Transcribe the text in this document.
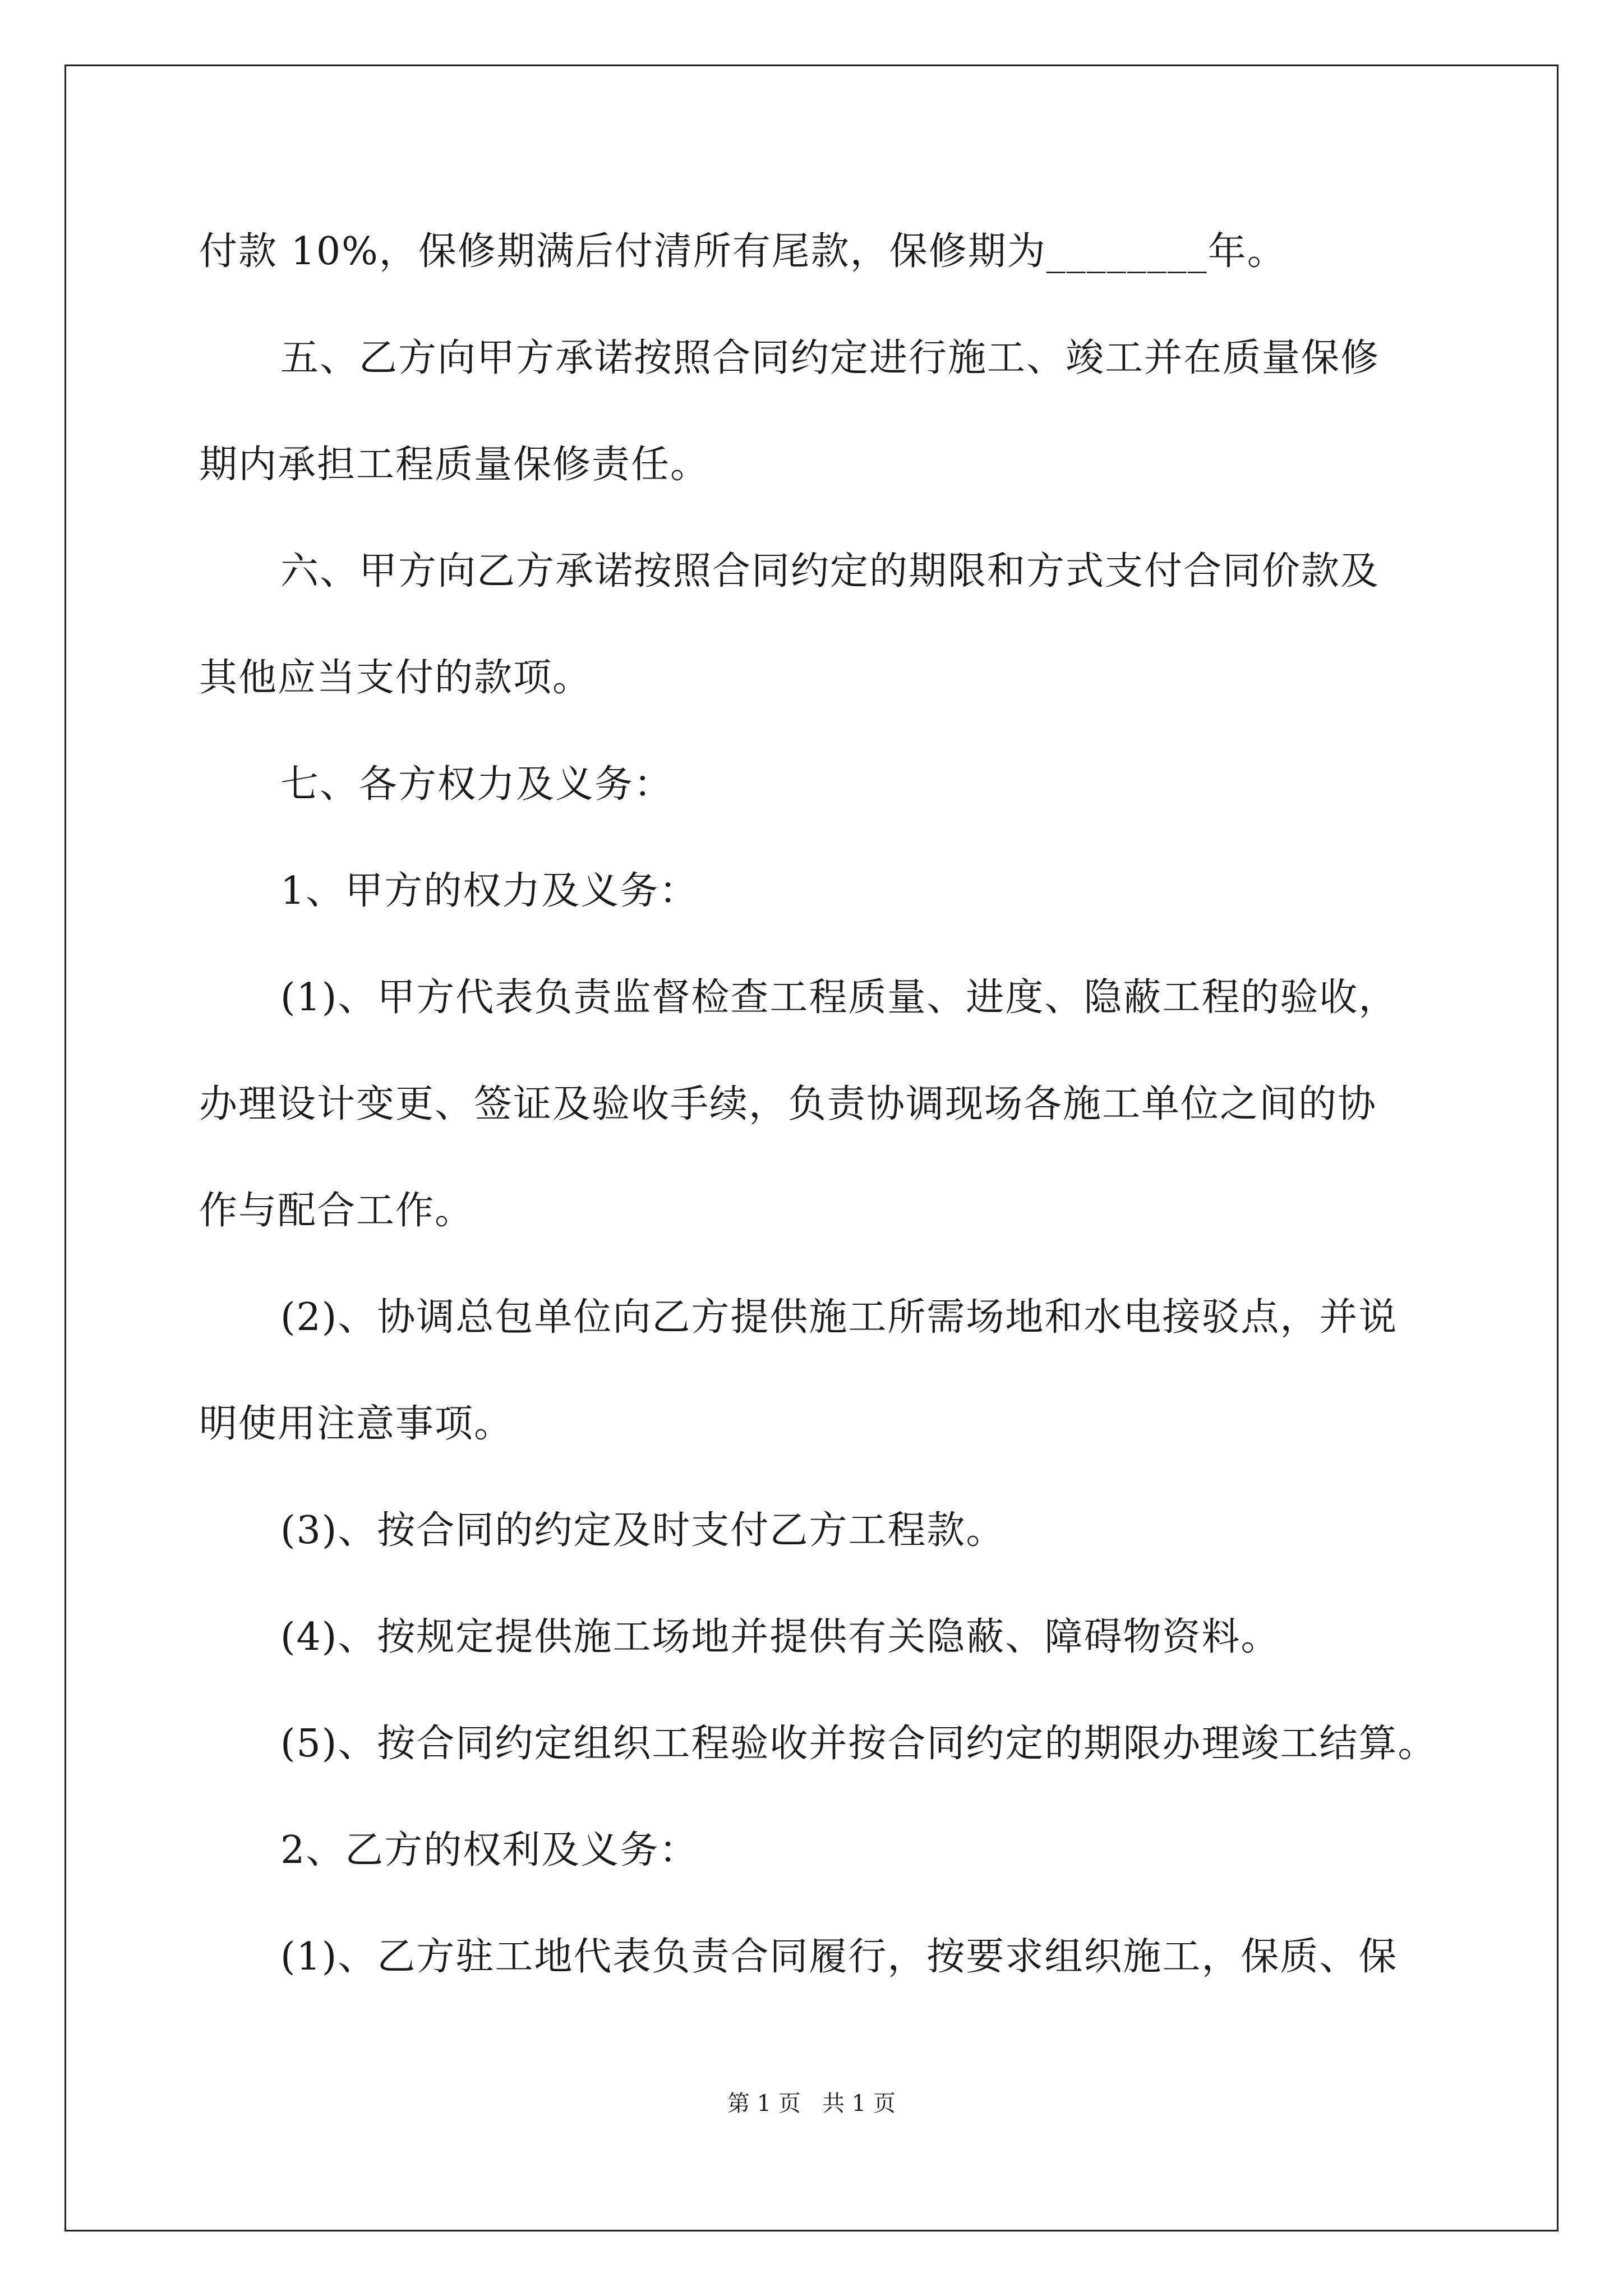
付款 10%，保修期满后付清所有尾款，保修期为________年。
五、乙方向甲方承诺按照合同约定进行施工、竣工并在质量保修
期内承担工程质量保修责任。
六、甲方向乙方承诺按照合同约定的期限和方式支付合同价款及
其他应当支付的款项。
七、各方权力及义务：
1、甲方的权力及义务：
(1)、甲方代表负责监督检查工程质量、进度、隐蔽工程的验收，
办理设计变更、签证及验收手续，负责协调现场各施工单位之间的协
作与配合工作。
(2)、协调总包单位向乙方提供施工所需场地和水电接驳点，并说
明使用注意事项。
(3)、按合同的约定及时支付乙方工程款。
(4)、按规定提供施工场地并提供有关隐蔽、障碍物资料。
(5)、按合同约定组织工程验收并按合同约定的期限办理竣工结算。
2、乙方的权利及义务：
(1)、乙方驻工地代表负责合同履行，按要求组织施工，保质、保
第 1 页   共 1 页
